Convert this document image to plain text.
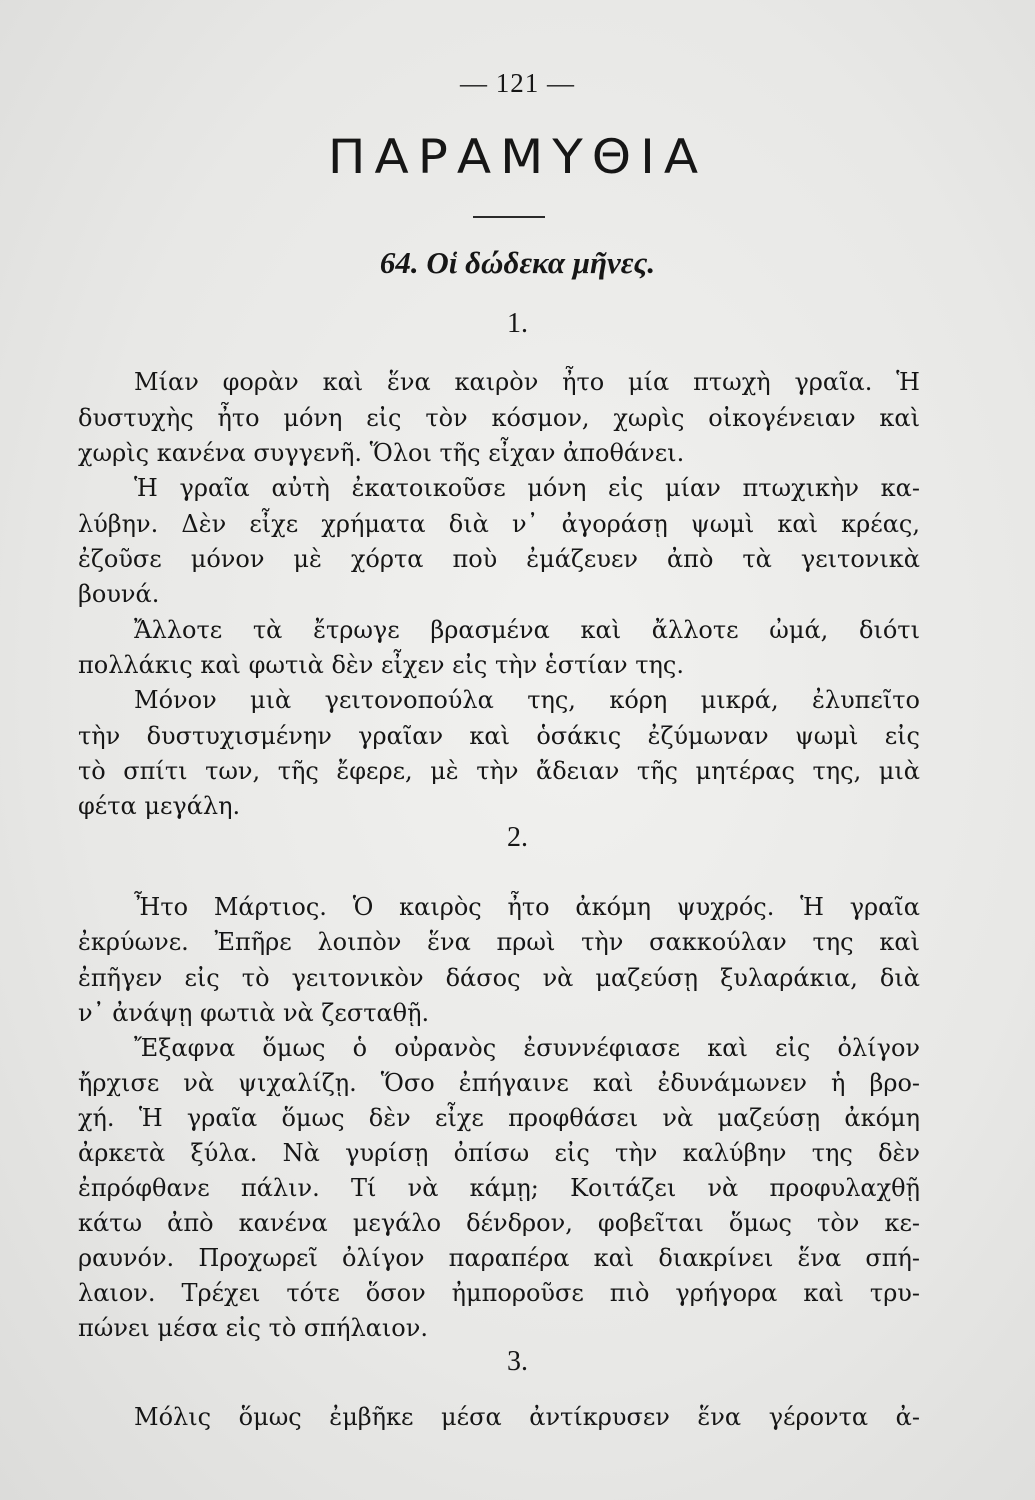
— 121 —
ΠΑΡΑΜΥΘΙΑ
64. Οἱ δώδεκα μῆνες.
1.
Μίαν φορὰν καὶ ἕνα καιρὸν ἦτο μία πτωχὴ γραῖα. Ἡ
δυστυχὴς ἦτο μόνη εἰς τὸν κόσμον, χωρὶς οἰκογένειαν καὶ
χωρὶς κανένα συγγενῆ. Ὅλοι τῆς εἶχαν ἀποθάνει.
Ἡ γραῖα αὐτὴ ἐκατοικοῦσε μόνη εἰς μίαν πτωχικὴν κα-
λύβην. Δὲν εἶχε χρήματα διὰ ν᾽ ἀγοράσῃ ψωμὶ καὶ κρέας,
ἐζοῦσε μόνον μὲ χόρτα ποὺ ἐμάζευεν ἀπὸ τὰ γειτονικὰ
βουνά.
Ἄλλοτε τὰ ἔτρωγε βρασμένα καὶ ἄλλοτε ὠμά, διότι
πολλάκις καὶ φωτιὰ δὲν εἶχεν εἰς τὴν ἑστίαν της.
Μόνον μιὰ γειτονοπούλα της, κόρη μικρά, ἐλυπεῖτο
τὴν δυστυχισμένην γραῖαν καὶ ὁσάκις ἐζύμωναν ψωμὶ εἰς
τὸ σπίτι των, τῆς ἔφερε, μὲ τὴν ἄδειαν τῆς μητέρας της, μιὰ
φέτα μεγάλη.
2.
Ἦτο Μάρτιος. Ὁ καιρὸς ἦτο ἀκόμη ψυχρός. Ἡ γραῖα
ἐκρύωνε. Ἐπῆρε λοιπὸν ἕνα πρωὶ τὴν σακκούλαν της καὶ
ἐπῆγεν εἰς τὸ γειτονικὸν δάσος νὰ μαζεύσῃ ξυλαράκια, διὰ
ν᾽ ἀνάψῃ φωτιὰ νὰ ζεσταθῇ.
Ἔξαφνα ὅμως ὁ οὐρανὸς ἐσυννέφιασε καὶ εἰς ὀλίγον
ἤρχισε νὰ ψιχαλίζῃ. Ὅσο ἐπήγαινε καὶ ἐδυνάμωνεν ἡ βρο-
χή. Ἡ γραῖα ὅμως δὲν εἶχε προφθάσει νὰ μαζεύσῃ ἀκόμη
ἀρκετὰ ξύλα. Νὰ γυρίσῃ ὀπίσω εἰς τὴν καλύβην της δὲν
ἐπρόφθανε πάλιν. Τί νὰ κάμῃ; Κοιτάζει νὰ προφυλαχθῇ
κάτω ἀπὸ κανένα μεγάλο δένδρον, φοβεῖται ὅμως τὸν κε-
ραυνόν. Προχωρεῖ ὀλίγον παραπέρα καὶ διακρίνει ἕνα σπή-
λαιον. Τρέχει τότε ὅσον ἠμποροῦσε πιὸ γρήγορα καὶ τρυ-
πώνει μέσα εἰς τὸ σπήλαιον.
3.
Μόλις ὅμως ἐμβῆκε μέσα ἀντίκρυσεν ἕνα γέροντα ἀ-
